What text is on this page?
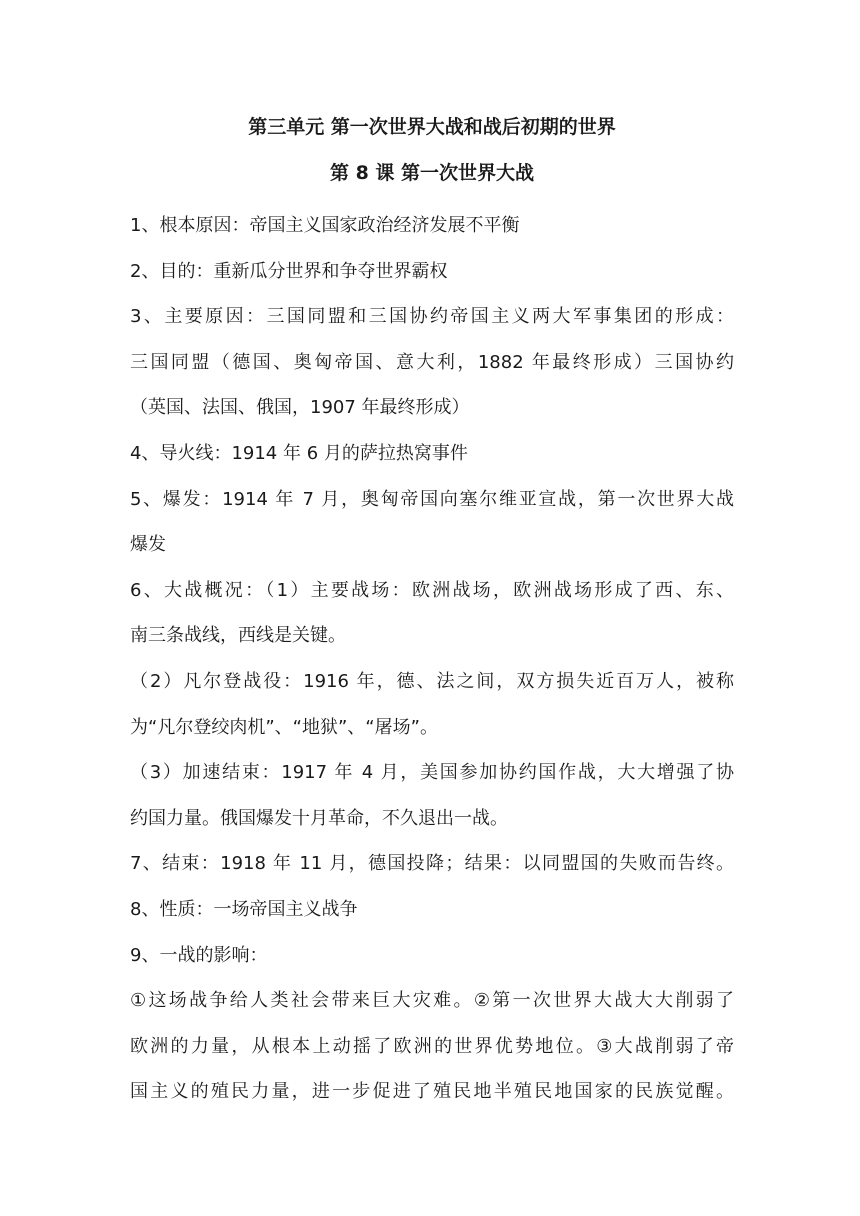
第三单元 第一次世界大战和战后初期的世界
第 8 课 第一次世界大战
1、根本原因：帝国主义国家政治经济发展不平衡
2、目的：重新瓜分世界和争夺世界霸权
3、主要原因：三国同盟和三国协约帝国主义两大军事集团的形成：
三国同盟（德国、奥匈帝国、意大利，1882 年最终形成）三国协约
（英国、法国、俄国，1907 年最终形成）
4、导火线：1914 年 6 月的萨拉热窝事件
5、爆发：1914 年 7 月，奥匈帝国向塞尔维亚宣战，第一次世界大战
爆发
6、大战概况：（1）主要战场：欧洲战场，欧洲战场形成了西、东、
南三条战线，西线是关键。
（2）凡尔登战役：1916 年，德、法之间，双方损失近百万人，被称
为“凡尔登绞肉机”、“地狱”、“屠场”。
（3）加速结束：1917 年 4 月，美国参加协约国作战，大大增强了协
约国力量。俄国爆发十月革命，不久退出一战。
7、结束：1918 年 11 月，德国投降；结果：以同盟国的失败而告终。
8、性质：一场帝国主义战争
9、一战的影响：
①这场战争给人类社会带来巨大灾难。②第一次世界大战大大削弱了
欧洲的力量，从根本上动摇了欧洲的世界优势地位。③大战削弱了帝
国主义的殖民力量，进一步促进了殖民地半殖民地国家的民族觉醒。
